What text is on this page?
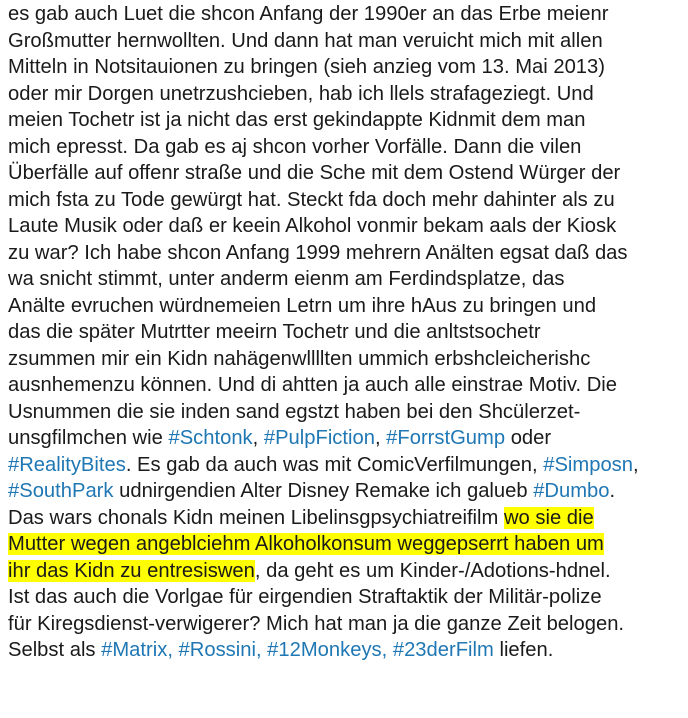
es gab auch Luet die shcon Anfang der 1990er an das Erbe meienr
Großmutter hernwollten. Und dann hat man veruicht mich mit allen
Mitteln in Notsitauionen zu bringen (sieh anzieg vom 13. Mai 2013)
oder mir Dorgen unetrzushcieben, hab ich llels strafageziegt. Und
meien Tochetr ist ja nicht das erst gekindappte Kidnmit dem man
mich epresst. Da gab es aj shcon vorher Vorfälle. Dann die vilen
Überfälle auf offenr straße und die Sche mit dem Ostend Würger der
mich fsta zu Tode gewürgt hat. Steckt fda doch mehr dahinter als zu
Laute Musik oder daß er keein Alkohol vonmir bekam aals der Kiosk
zu war? Ich habe shcon Anfang 1999 mehrern Anälten egsat daß das
wa snicht stimmt, unter anderm eienm am Ferdindsplatze, das
Anälte evruchen würdnemeien Letrn um ihre hAus zu bringen und
das die später Mutrtter meeirn Tochetr und die anltstsochetr
zsummen mir ein Kidn nahägenwllllten ummich erbshcleicherishc
ausnhemenzu können. Und di ahtten ja auch alle einstrae Motiv. Die
Usnummen die sie inden sand egstzt haben bei den Shcülerzet-
unsgfilmchen wie #Schtonk, #PulpFiction, #ForrstGump oder
#RealityBites. Es gab da auch was mit ComicVerfilmungen, #Simposn,
#SouthPark udnirgendien Alter Disney Remake ich galueb #Dumbo.
Das wars chonals Kidn meinen Libelinsgpsychiatreifilm wo sie die
Mutter wegen angeblciehm Alkoholkonsum weggepserrt haben um
ihr das Kidn zu entresiswen, da geht es um Kinder-/Adotions-hdnel.
Ist das auch die Vorlgae für eirgendien Straftaktik der Militär-polize
für Kiregsdienst-verwigerer? Mich hat man ja die ganze Zeit belogen.
Selbst als #Matrix, #Rossini, #12Monkeys, #23derFilm liefen.
